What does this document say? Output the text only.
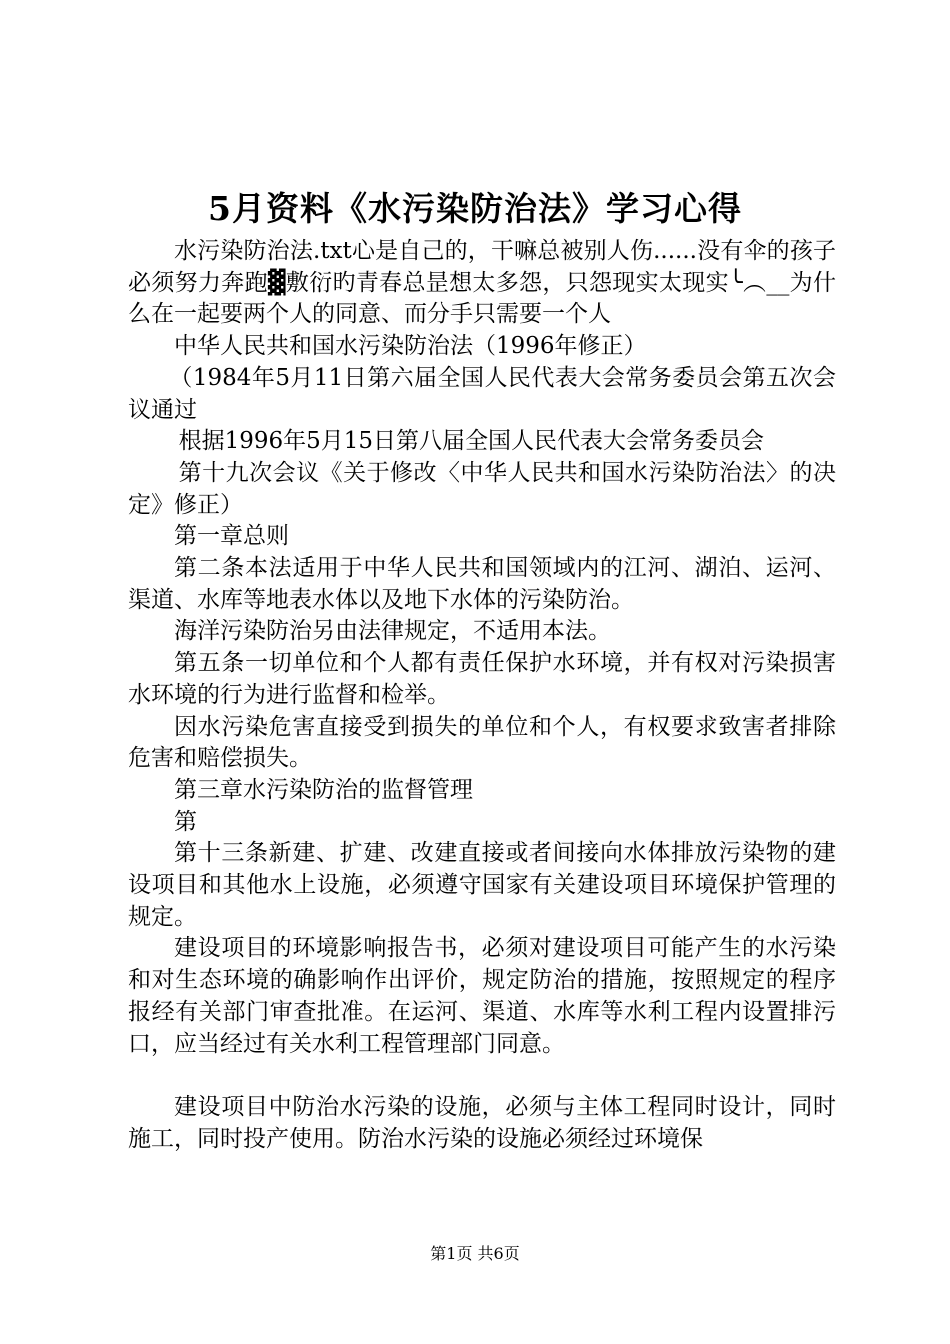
5月资料《水污染防治法》学习心得

水污染防治法.txt心是自己的，干嘛总被别人伤......没有伞的孩子必须努力奔跑▓敷衍旳青春总昰想太多怨，只怨现实太现实╰︵__为什么在一起要两个人的同意、而分手只需要一个人

中华人民共和国水污染防治法（1996年修正）

（1984年5月11日第六届全国人民代表大会常务委员会第五次会议通过

根据1996年5月15日第八届全国人民代表大会常务委员会

第十九次会议《关于修改〈中华人民共和国水污染防治法〉的决定》修正）

第一章总则

第二条本法适用于中华人民共和国领域内的江河、湖泊、运河、渠道、水库等地表水体以及地下水体的污染防治。

海洋污染防治另由法律规定，不适用本法。

第五条一切单位和个人都有责任保护水环境，并有权对污染损害水环境的行为进行监督和检举。

因水污染危害直接受到损失的单位和个人，有权要求致害者排除危害和赔偿损失。

第三章水污染防治的监督管理

第

第十三条新建、扩建、改建直接或者间接向水体排放污染物的建设项目和其他水上设施，必须遵守国家有关建设项目环境保护管理的规定。

建设项目的环境影响报告书，必须对建设项目可能产生的水污染和对生态环境的确影响作出评价，规定防治的措施，按照规定的程序报经有关部门审查批准。在运河、渠道、水库等水利工程内设置排污口，应当经过有关水利工程管理部门同意。

建设项目中防治水污染的设施，必须与主体工程同时设计，同时施工，同时投产使用。防治水污染的设施必须经过环境保

第1页 共6页
